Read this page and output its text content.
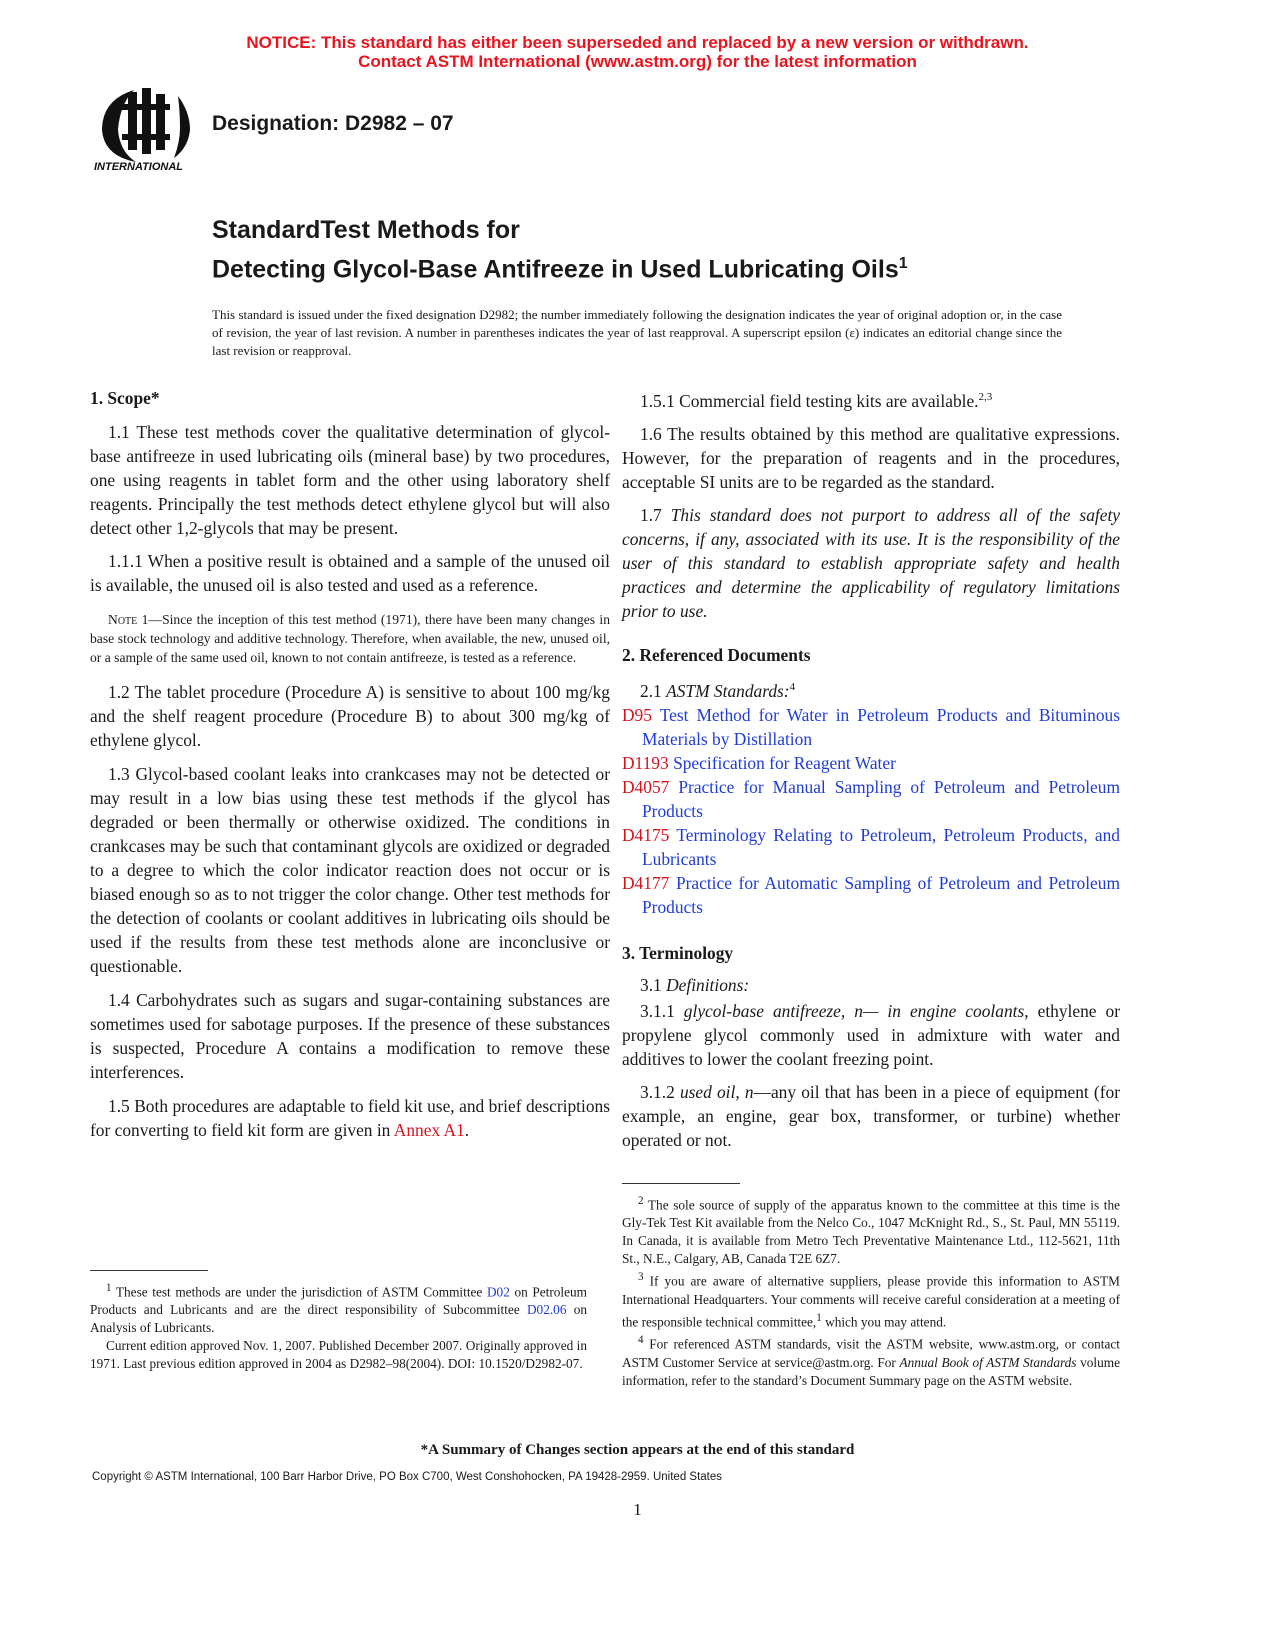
NOTICE: This standard has either been superseded and replaced by a new version or withdrawn.
Contact ASTM International (www.astm.org) for the latest information
INTERNATIONAL
Designation: D2982 – 07
StandardTest Methods for
Detecting Glycol-Base Antifreeze in Used Lubricating Oils$^1$
This standard is issued under the fixed designation D2982; the number immediately following the designation indicates the year of original adoption or, in the case of revision, the year of last revision. A number in parentheses indicates the year of last reapproval. A superscript epsilon (ε) indicates an editorial change since the last revision or reapproval.
1. Scope*

1.1 These test methods cover the qualitative determination of glycol-base antifreeze in used lubricating oils (mineral base) by two procedures, one using reagents in tablet form and the other using laboratory shelf reagents. Principally the test methods detect ethylene glycol but will also detect other 1,2-glycols that may be present.

1.1.1 When a positive result is obtained and a sample of the unused oil is available, the unused oil is also tested and used as a reference.

Note 1—Since the inception of this test method (1971), there have been many changes in base stock technology and additive technology. Therefore, when available, the new, unused oil, or a sample of the same used oil, known to not contain antifreeze, is tested as a reference.

1.2 The tablet procedure (Procedure A) is sensitive to about 100 mg/kg and the shelf reagent procedure (Procedure B) to about 300 mg/kg of ethylene glycol.

1.3 Glycol-based coolant leaks into crankcases may not be detected or may result in a low bias using these test methods if the glycol has degraded or been thermally or otherwise oxidized. The conditions in crankcases may be such that contaminant glycols are oxidized or degraded to a degree to which the color indicator reaction does not occur or is biased enough so as to not trigger the color change. Other test methods for the detection of coolants or coolant additives in lubricating oils should be used if the results from these test methods alone are inconclusive or questionable.

1.4 Carbohydrates such as sugars and sugar-containing substances are sometimes used for sabotage purposes. If the presence of these substances is suspected, Procedure A contains a modification to remove these interferences.

1.5 Both procedures are adaptable to field kit use, and brief descriptions for converting to field kit form are given in Annex A1.

$^1$ These test methods are under the jurisdiction of ASTM Committee D02 on Petroleum Products and Lubricants and are the direct responsibility of Subcommittee D02.06 on Analysis of Lubricants.

Current edition approved Nov. 1, 2007. Published December 2007. Originally approved in 1971. Last previous edition approved in 2004 as D2982–98(2004). DOI: 10.1520/D2982-07.

1.5.1 Commercial field testing kits are available.$^{2,3}$

1.6 The results obtained by this method are qualitative expressions. However, for the preparation of reagents and in the procedures, acceptable SI units are to be regarded as the standard.

1.7 This standard does not purport to address all of the safety concerns, if any, associated with its use. It is the responsibility of the user of this standard to establish appropriate safety and health practices and determine the applicability of regulatory limitations prior to use.

2. Referenced Documents

2.1 ASTM Standards:$^4$

D95 Test Method for Water in Petroleum Products and Bituminous Materials by Distillation
D1193 Specification for Reagent Water
D4057 Practice for Manual Sampling of Petroleum and Petroleum Products
D4175 Terminology Relating to Petroleum, Petroleum Products, and Lubricants
D4177 Practice for Automatic Sampling of Petroleum and Petroleum Products
3. Terminology

3.1 Definitions:

3.1.1 glycol-base antifreeze, n— in engine coolants, ethylene or propylene glycol commonly used in admixture with water and additives to lower the coolant freezing point.

3.1.2 used oil, n—any oil that has been in a piece of equipment (for example, an engine, gear box, transformer, or turbine) whether operated or not.

$^2$ The sole source of supply of the apparatus known to the committee at this time is the Gly-Tek Test Kit available from the Nelco Co., 1047 McKnight Rd., S., St. Paul, MN 55119. In Canada, it is available from Metro Tech Preventative Maintenance Ltd., 112-5621, 11th St., N.E., Calgary, AB, Canada T2E 6Z7.

$^3$ If you are aware of alternative suppliers, please provide this information to ASTM International Headquarters. Your comments will receive careful consideration at a meeting of the responsible technical committee,$^1$ which you may attend.

$^4$ For referenced ASTM standards, visit the ASTM website, www.astm.org, or contact ASTM Customer Service at service@astm.org. For Annual Book of ASTM Standards volume information, refer to the standard’s Document Summary page on the ASTM website.

*A Summary of Changes section appears at the end of this standard
Copyright © ASTM International, 100 Barr Harbor Drive, PO Box C700, West Conshohocken, PA 19428-2959. United States
1
